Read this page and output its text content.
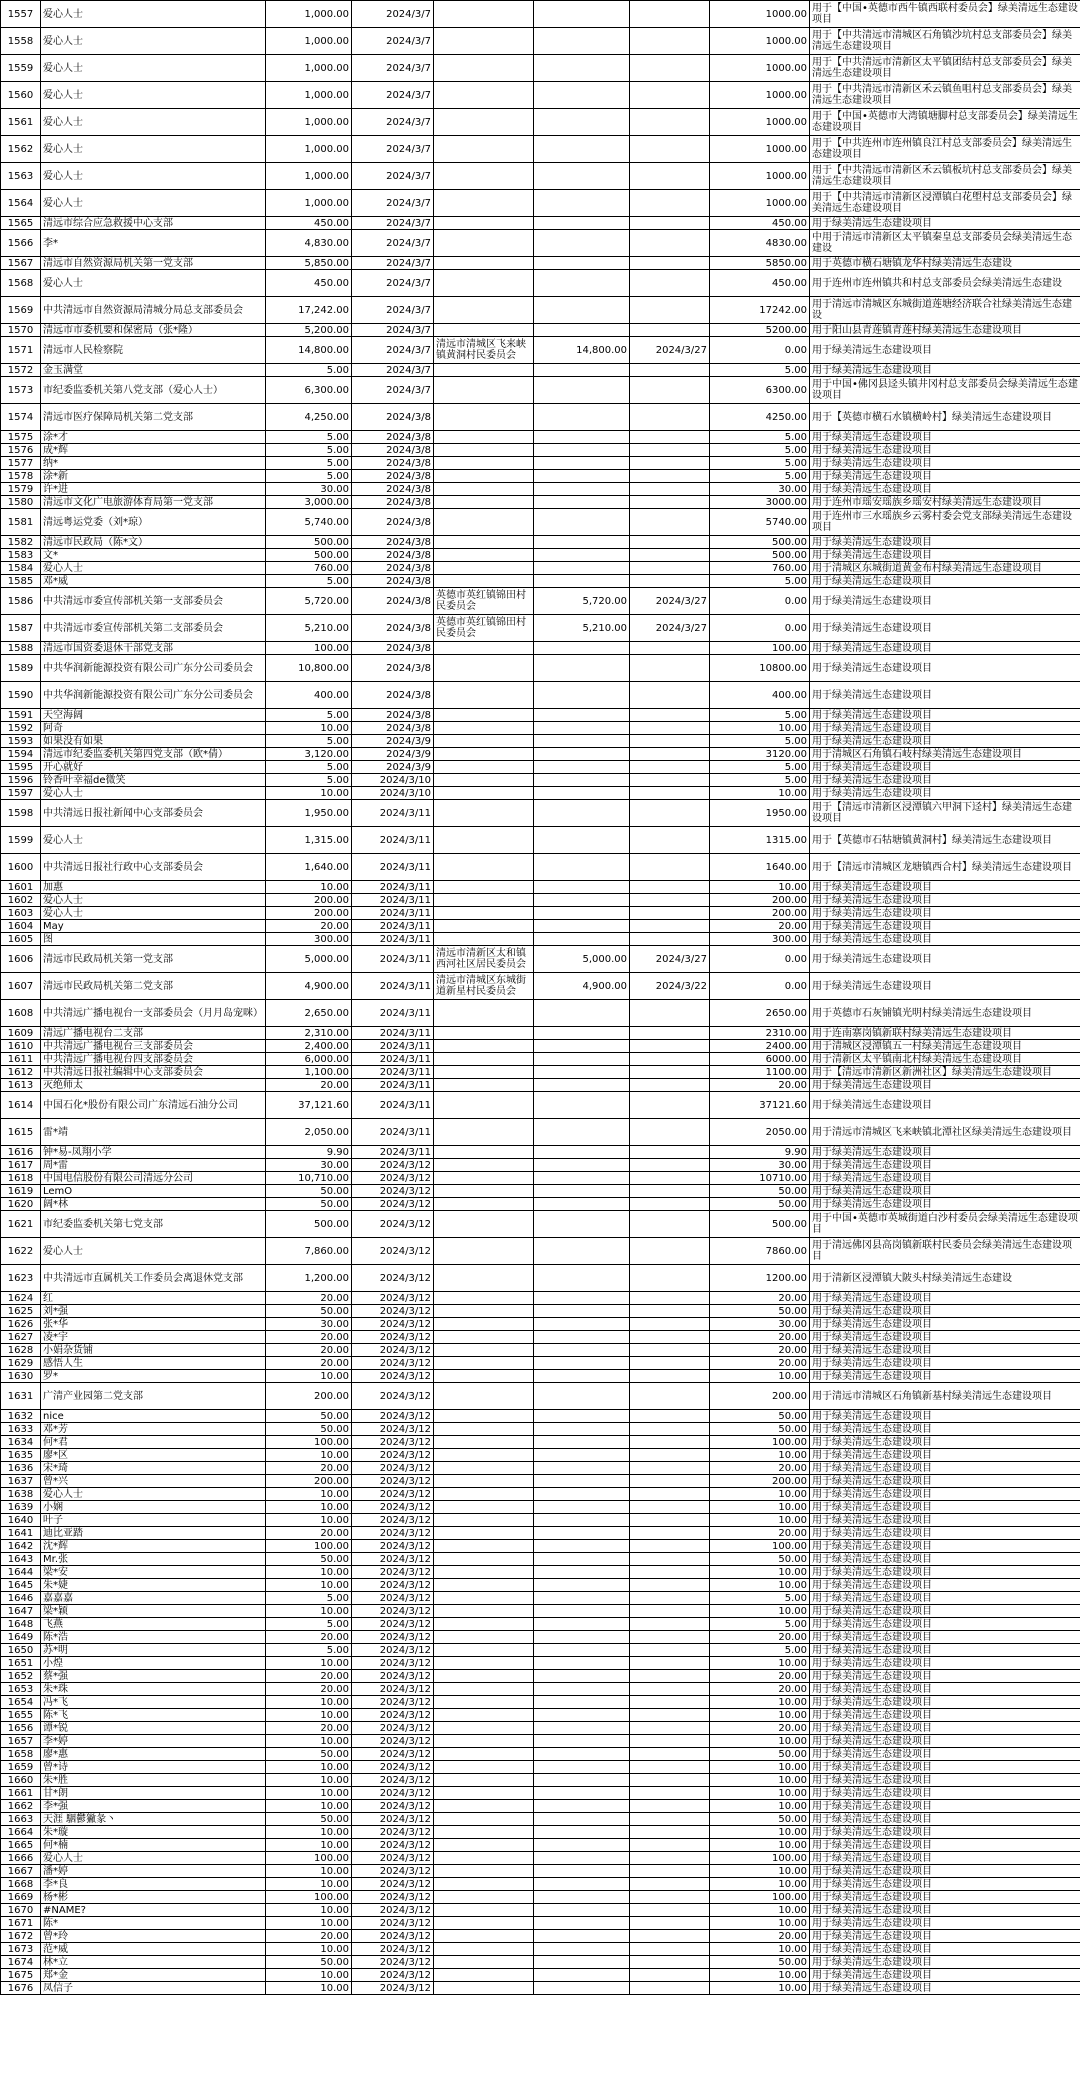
1557	爱心人士	1,000.00	2024/3/7				1000.00	用于【中国•英德市西牛镇西联村委员会】绿美清远生态建设项目
1558	爱心人士	1,000.00	2024/3/7				1000.00	用于【中共清远市清城区石角镇沙坑村总支部委员会】绿美清远生态建设项目
1559	爱心人士	1,000.00	2024/3/7				1000.00	用于【中共清远市清新区太平镇团结村总支部委员会】绿美清远生态建设项目
1560	爱心人士	1,000.00	2024/3/7				1000.00	用于【中共清远市清新区禾云镇鱼咀村总支部委员会】绿美清远生态建设项目
1561	爱心人士	1,000.00	2024/3/7				1000.00	用于【中国•英德市大湾镇塘脚村总支部委员会】绿美清远生态建设项目
1562	爱心人士	1,000.00	2024/3/7				1000.00	用于【中共连州市连州镇良江村总支部委员会】绿美清远生态建设项目
1563	爱心人士	1,000.00	2024/3/7				1000.00	用于【中共清远市清新区禾云镇板坑村总支部委员会】绿美清远生态建设项目
1564	爱心人士	1,000.00	2024/3/7				1000.00	用于【中共清远市清新区浸潭镇白花塱村总支部委员会】绿美清远生态建设项目
1565	清远市综合应急救援中心支部	450.00	2024/3/7				450.00	用于绿美清远生态建设项目
1566	李*	4,830.00	2024/3/7				4830.00	中用于清远市清新区太平镇秦皇总支部委员会绿美清远生态建设
1567	清远市自然资源局机关第一党支部	5,850.00	2024/3/7				5850.00	用于英德市横石塘镇龙华村绿美清远生态建设
1568	爱心人士	450.00	2024/3/7				450.00	用于连州市连州镇共和村总支部委员会绿美清远生态建设
1569	中共清远市自然资源局清城分局总支部委员会	17,242.00	2024/3/7				17242.00	用于清远市清城区东城街道莲塘经济联合社绿美清远生态建设
1570	清远市市委机要和保密局（张*隆）	5,200.00	2024/3/7				5200.00	用于阳山县青莲镇青莲村绿美清远生态建设项目
1571	清远市人民检察院	14,800.00	2024/3/7	清远市清城区飞来峡镇黄洞村民委员会	14,800.00	2024/3/27	0.00	用于绿美清远生态建设项目
1572	金玉满堂	5.00	2024/3/7				5.00	用于绿美清远生态建设项目
1573	市纪委监委机关第八党支部（爱心人士）	6,300.00	2024/3/7				6300.00	用于中国•佛冈县迳头镇井冈村总支部委员会绿美清远生态建设项目
1574	清远市医疗保障局机关第二党支部	4,250.00	2024/3/8				4250.00	用于【英德市横石水镇横岭村】绿美清远生态建设项目
1575	涂*才	5.00	2024/3/8				5.00	用于绿美清远生态建设项目
1576	成*辉	5.00	2024/3/8				5.00	用于绿美清远生态建设项目
1577	纳*	5.00	2024/3/8				5.00	用于绿美清远生态建设项目
1578	涂*新	5.00	2024/3/8				5.00	用于绿美清远生态建设项目
1579	许*进	30.00	2024/3/8				30.00	用于绿美清远生态建设项目
1580	清远市文化广电旅游体育局第一党支部	3,000.00	2024/3/8				3000.00	用于连州市瑶安瑶族乡瑶安村绿美清远生态建设项目
1581	清远粤运党委（刘*琼）	5,740.00	2024/3/8				5740.00	用于连州市三水瑶族乡云雾村委会党支部绿美清远生态建设项目
1582	清远市民政局（陈*文）	500.00	2024/3/8				500.00	用于绿美清远生态建设项目
1583	文*	500.00	2024/3/8				500.00	用于绿美清远生态建设项目
1584	爱心人士	760.00	2024/3/8				760.00	用于清城区东城街道黄金布村绿美清远生态建设项目
1585	邓*威	5.00	2024/3/8				5.00	用于绿美清远生态建设项目
1586	中共清远市委宣传部机关第一支部委员会	5,720.00	2024/3/8	英德市英红镇锦田村民委员会	5,720.00	2024/3/27	0.00	用于绿美清远生态建设项目
1587	中共清远市委宣传部机关第二支部委员会	5,210.00	2024/3/8	英德市英红镇锦田村民委员会	5,210.00	2024/3/27	0.00	用于绿美清远生态建设项目
1588	清远市国资委退休干部党支部	100.00	2024/3/8				100.00	用于绿美清远生态建设项目
1589	中共华润新能源投资有限公司广东分公司委员会	10,800.00	2024/3/8				10800.00	用于绿美清远生态建设项目
1590	中共华润新能源投资有限公司广东分公司委员会	400.00	2024/3/8				400.00	用于绿美清远生态建设项目
1591	天空海阔	5.00	2024/3/8				5.00	用于绿美清远生态建设项目
1592	阿奇	10.00	2024/3/8				10.00	用于绿美清远生态建设项目
1593	如果没有如果	5.00	2024/3/9				5.00	用于绿美清远生态建设项目
1594	清远市纪委监委机关第四党支部（欧*倩）	3,120.00	2024/3/9				3120.00	用于清城区石角镇石岐村绿美清远生态建设项目
1595	开心就好	5.00	2024/3/9				5.00	用于绿美清远生态建设项目
1596	铃香叶幸福de微笑	5.00	2024/3/10				5.00	用于绿美清远生态建设项目
1597	爱心人士	10.00	2024/3/10				10.00	用于绿美清远生态建设项目
1598	中共清远日报社新闻中心支部委员会	1,950.00	2024/3/11				1950.00	用于【清远市清新区浸潭镇六甲洞下迳村】绿美清远生态建设项目
1599	爱心人士	1,315.00	2024/3/11				1315.00	用于【英德市石牯塘镇黄洞村】绿美清远生态建设项目
1600	中共清远日报社行政中心支部委员会	1,640.00	2024/3/11				1640.00	用于【清远市清城区龙塘镇西合村】绿美清远生态建设项目
1601	加惠	10.00	2024/3/11				10.00	用于绿美清远生态建设项目
1602	爱心人士	200.00	2024/3/11				200.00	用于绿美清远生态建设项目
1603	爱心人士	200.00	2024/3/11				200.00	用于绿美清远生态建设项目
1604	May	20.00	2024/3/11				20.00	用于绿美清远生态建设项目
1605	图	300.00	2024/3/11				300.00	用于绿美清远生态建设项目
1606	清远市民政局机关第一党支部	5,000.00	2024/3/11	清远市清新区太和镇西河社区居民委员会	5,000.00	2024/3/27	0.00	用于绿美清远生态建设项目
1607	清远市民政局机关第二党支部	4,900.00	2024/3/11	清远市清城区东城街道新星村民委员会	4,900.00	2024/3/22	0.00	用于绿美清远生态建设项目
1608	中共清远广播电视台一支部委员会（月月岛宠咪）	2,650.00	2024/3/11				2650.00	用于英德市石灰铺镇光明村绿美清远生态建设项目
1609	清远广播电视台二支部	2,310.00	2024/3/11				2310.00	用于连南寨岗镇新联村绿美清远生态建设项目
1610	中共清远广播电视台三支部委员会	2,400.00	2024/3/11				2400.00	用于清城区浸潭镇五一村绿美清远生态建设项目
1611	中共清远广播电视台四支部委员会	6,000.00	2024/3/11				6000.00	用于清新区太平镇南北村绿美清远生态建设项目
1612	中共清远日报社编辑中心支部委员会	1,100.00	2024/3/11				1100.00	用于【清远市清新区新洲社区】绿美清远生态建设项目
1613	灭绝师太	20.00	2024/3/11				20.00	用于绿美清远生态建设项目
1614	中国石化*股份有限公司广东清远石油分公司	37,121.60	2024/3/11				37121.60	用于绿美清远生态建设项目
1615	雷*靖	2,050.00	2024/3/11				2050.00	用于清远市清城区飞来峡镇北潭社区绿美清远生态建设项目
1616	钟*易-凤翔小学	9.90	2024/3/11				9.90	用于绿美清远生态建设项目
1617	周*雷	30.00	2024/3/12				30.00	用于绿美清远生态建设项目
1618	中国电信股份有限公司清远分公司	10,710.00	2024/3/12				10710.00	用于绿美清远生态建设项目
1619	LemO	50.00	2024/3/12				50.00	用于绿美清远生态建设项目
1620	阔*林	50.00	2024/3/12				50.00	用于绿美清远生态建设项目
1621	市纪委监委机关第七党支部	500.00	2024/3/12				500.00	用于中国•英德市英城街道白沙村委员会绿美清远生态建设项目
1622	爱心人士	7,860.00	2024/3/12				7860.00	用于清远佛冈县高岗镇新联村民委员会绿美清远生态建设项目
1623	中共清远市直属机关工作委员会离退休党支部	1,200.00	2024/3/12				1200.00	用于清新区浸潭镇大陂头村绿美清远生态建设
1624	红	20.00	2024/3/12				20.00	用于绿美清远生态建设项目
1625	刘*强	50.00	2024/3/12				50.00	用于绿美清远生态建设项目
1626	张*华	30.00	2024/3/12				30.00	用于绿美清远生态建设项目
1627	凌*宇	20.00	2024/3/12				20.00	用于绿美清远生态建设项目
1628	小娟杂货铺	20.00	2024/3/12				20.00	用于绿美清远生态建设项目
1629	感悟人生	20.00	2024/3/12				20.00	用于绿美清远生态建设项目
1630	罗*	10.00	2024/3/12				10.00	用于绿美清远生态建设项目
1631	广清产业园第二党支部	200.00	2024/3/12				200.00	用于清远市清城区石角镇新基村绿美清远生态建设项目
1632	nice	50.00	2024/3/12				50.00	用于绿美清远生态建设项目
1633	邓*芳	50.00	2024/3/12				50.00	用于绿美清远生态建设项目
1634	何*君	100.00	2024/3/12				100.00	用于绿美清远生态建设项目
1635	廖*区	10.00	2024/3/12				10.00	用于绿美清远生态建设项目
1636	宋*琦	20.00	2024/3/12				20.00	用于绿美清远生态建设项目
1637	曾*兴	200.00	2024/3/12				200.00	用于绿美清远生态建设项目
1638	爱心人士	10.00	2024/3/12				10.00	用于绿美清远生态建设项目
1639	小娴	10.00	2024/3/12				10.00	用于绿美清远生态建设项目
1640	叶子	10.00	2024/3/12				10.00	用于绿美清远生态建设项目
1641	迪比亚踏	20.00	2024/3/12				20.00	用于绿美清远生态建设项目
1642	沈*辉	100.00	2024/3/12				100.00	用于绿美清远生态建设项目
1643	Mr.张	50.00	2024/3/12				50.00	用于绿美清远生态建设项目
1644	梁*安	10.00	2024/3/12				10.00	用于绿美清远生态建设项目
1645	朱*婕	10.00	2024/3/12				10.00	用于绿美清远生态建设项目
1646	嘉嘉嘉	5.00	2024/3/12				5.00	用于绿美清远生态建设项目
1647	梁*颖	10.00	2024/3/12				10.00	用于绿美清远生态建设项目
1648	飞燕	5.00	2024/3/12				5.00	用于绿美清远生态建设项目
1649	陈*浩	20.00	2024/3/12				20.00	用于绿美清远生态建设项目
1650	苏*明	5.00	2024/3/12				5.00	用于绿美清远生态建设项目
1651	小煌	10.00	2024/3/12				10.00	用于绿美清远生态建设项目
1652	蔡*强	20.00	2024/3/12				20.00	用于绿美清远生态建设项目
1653	朱*珠	20.00	2024/3/12				20.00	用于绿美清远生态建设项目
1654	冯*飞	10.00	2024/3/12				10.00	用于绿美清远生态建设项目
1655	陈*飞	10.00	2024/3/12				10.00	用于绿美清远生态建设项目
1656	谭*锐	20.00	2024/3/12				20.00	用于绿美清远生态建设项目
1657	李*婷	10.00	2024/3/12				10.00	用于绿美清远生态建设项目
1658	廖*惠	50.00	2024/3/12				50.00	用于绿美清远生态建设项目
1659	曾*诗	10.00	2024/3/12				10.00	用于绿美清远生态建设项目
1660	朱*胜	10.00	2024/3/12				10.00	用于绿美清远生态建设项目
1661	甘*朗	10.00	2024/3/12				10.00	用于绿美清远生态建设项目
1662	李*强	10.00	2024/3/12				10.00	用于绿美清远生态建设项目
1663	天涯 駰鬱獙彖丶	50.00	2024/3/12				50.00	用于绿美清远生态建设项目
1664	朱*璇	10.00	2024/3/12				10.00	用于绿美清远生态建设项目
1665	何*楠	10.00	2024/3/12				10.00	用于绿美清远生态建设项目
1666	爱心人士	100.00	2024/3/12				100.00	用于绿美清远生态建设项目
1667	潘*婷	10.00	2024/3/12				10.00	用于绿美清远生态建设项目
1668	李*良	10.00	2024/3/12				10.00	用于绿美清远生态建设项目
1669	杨*彬	100.00	2024/3/12				100.00	用于绿美清远生态建设项目
1670	#NAME?	10.00	2024/3/12				10.00	用于绿美清远生态建设项目
1671	陈*	10.00	2024/3/12				10.00	用于绿美清远生态建设项目
1672	曾*玲	20.00	2024/3/12				20.00	用于绿美清远生态建设项目
1673	范*威	10.00	2024/3/12				10.00	用于绿美清远生态建设项目
1674	林*立	50.00	2024/3/12				50.00	用于绿美清远生态建设项目
1675	郑*金	10.00	2024/3/12				10.00	用于绿美清远生态建设项目
1676	凤信子	10.00	2024/3/12				10.00	用于绿美清远生态建设项目
